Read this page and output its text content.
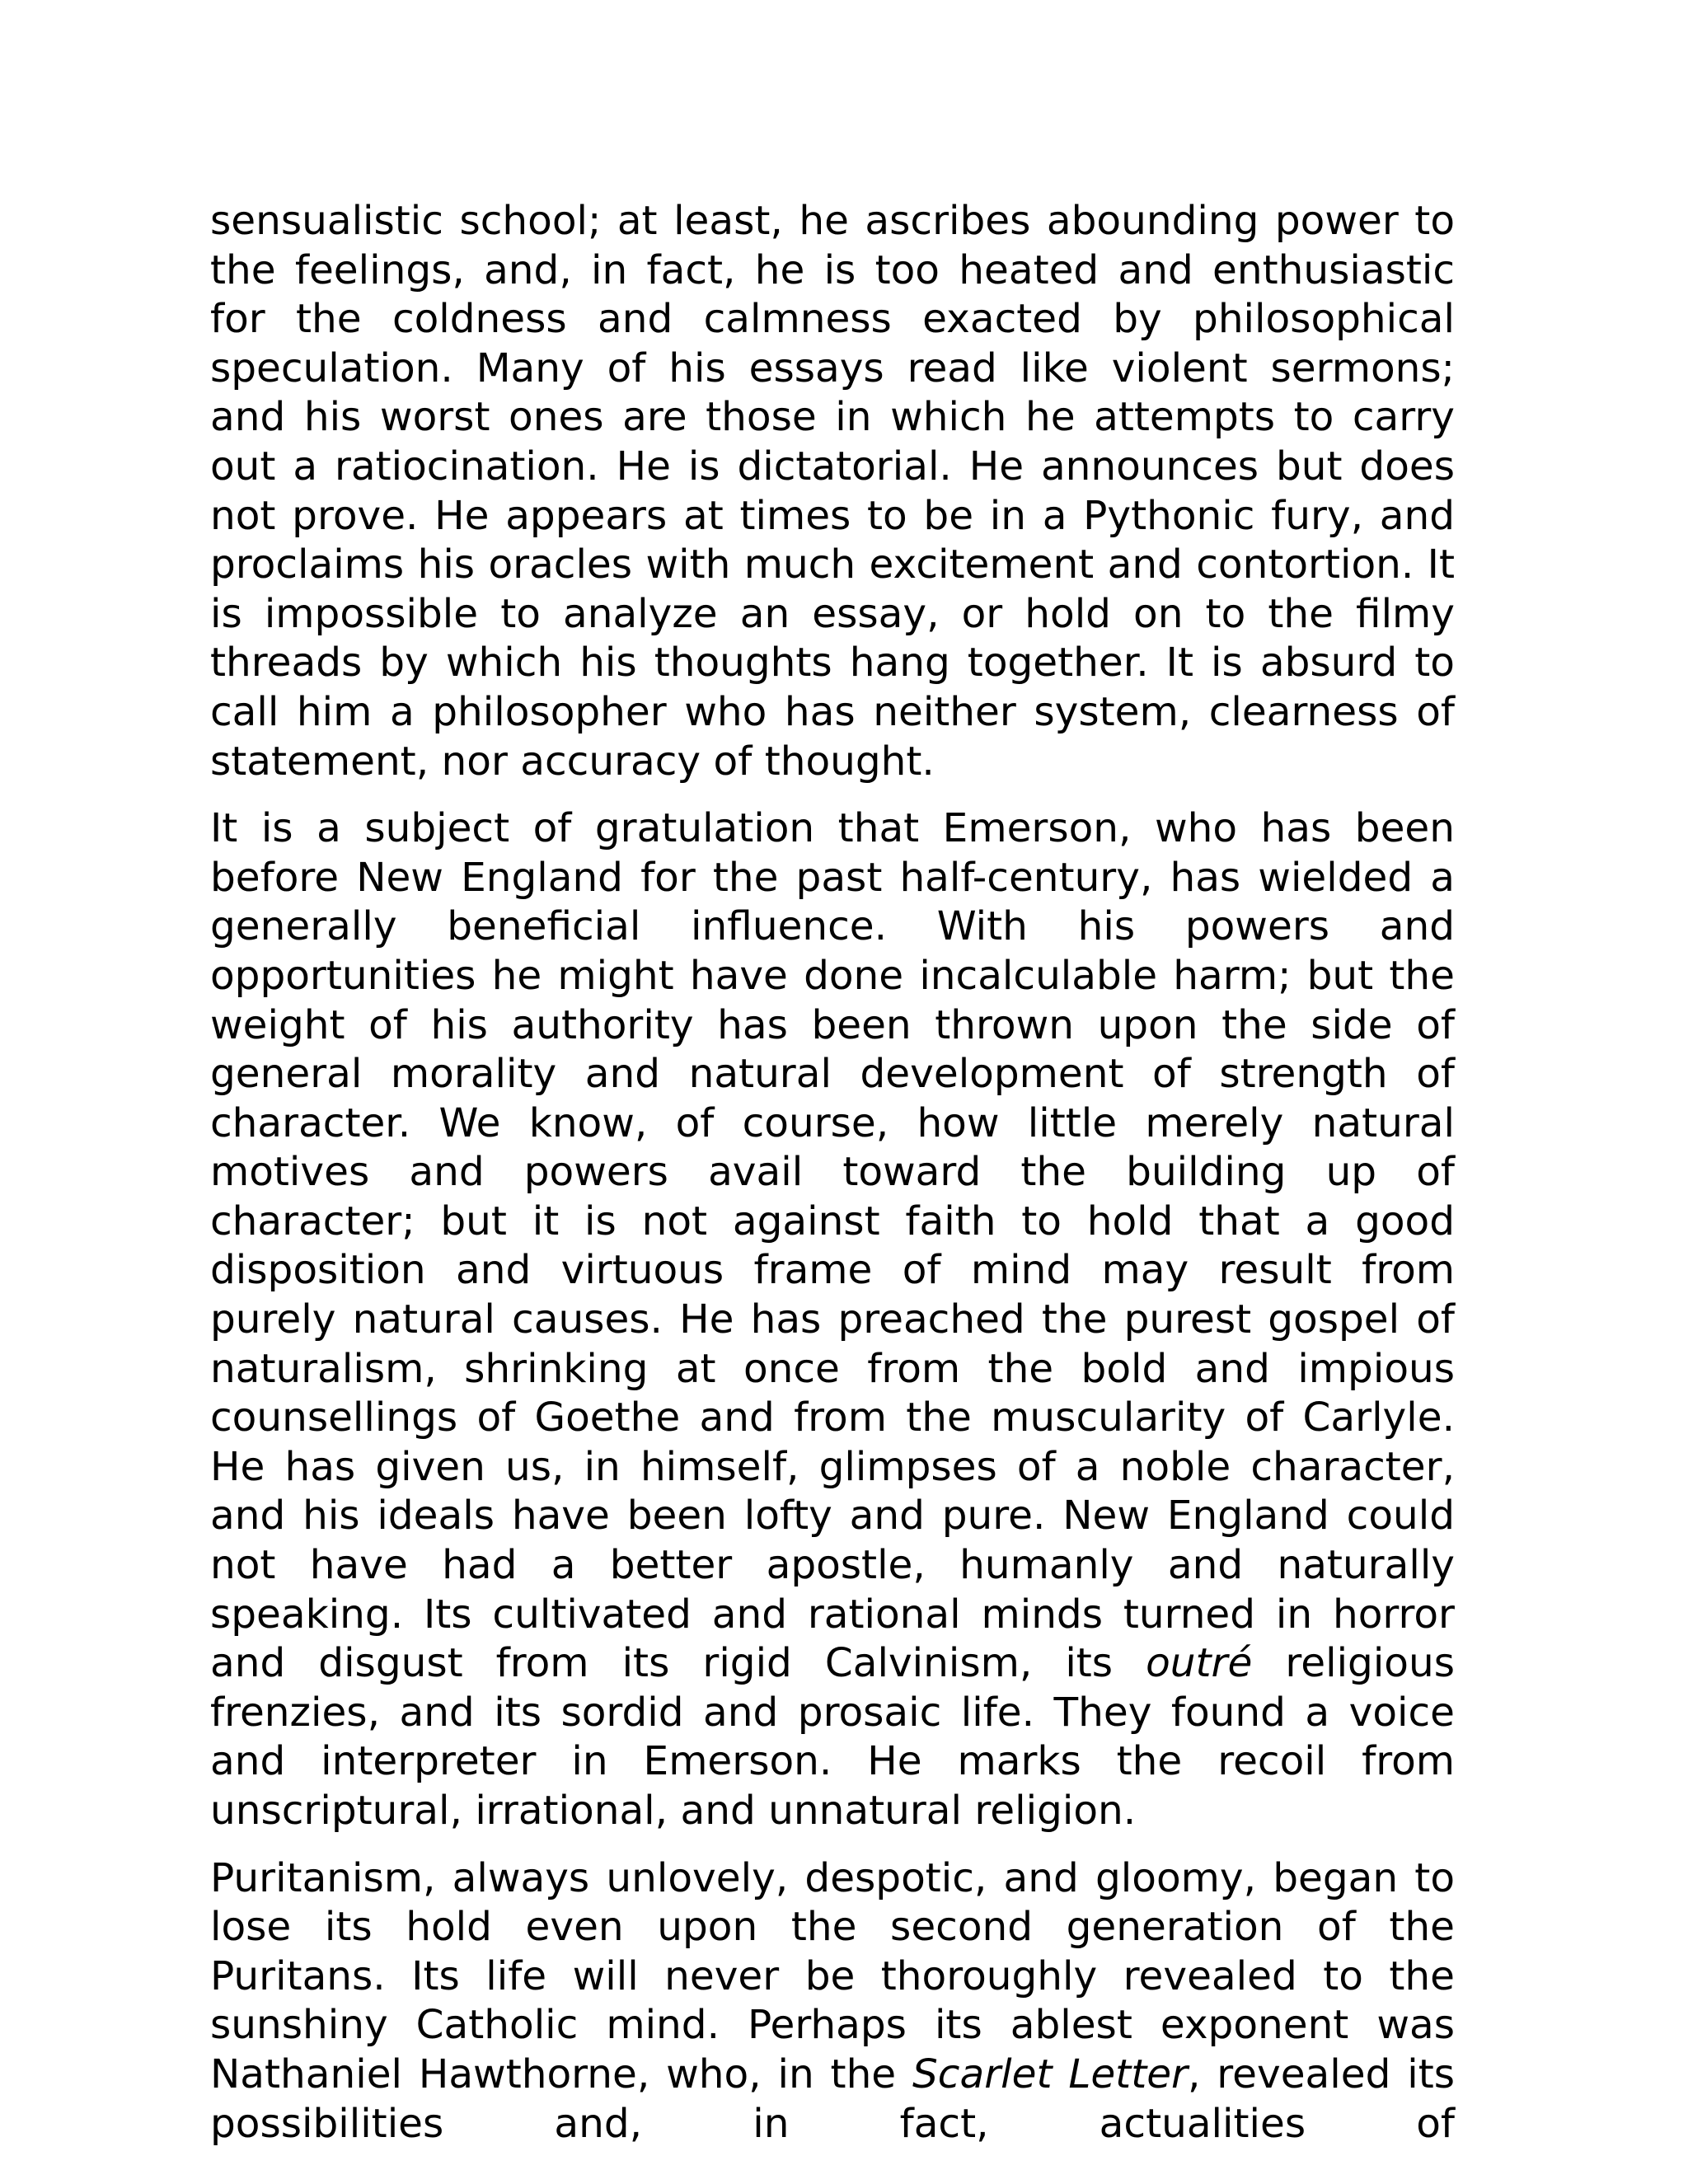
sensualistic school; at least, he ascribes abounding power to the feelings, and, in fact, he is too heated and enthusiastic for the coldness and calmness exacted by philosophical speculation. Many of his essays read like violent sermons; and his worst ones are those in which he attempts to carry out a ratiocination. He is dictatorial. He announces but does not prove. He appears at times to be in a Pythonic fury, and proclaims his oracles with much excitement and contortion. It is impossible to analyze an essay, or hold on to the filmy threads by which his thoughts hang together. It is absurd to call him a philosopher who has neither system, clearness of statement, nor accuracy of thought.

It is a subject of gratulation that Emerson, who has been before New England for the past half-century, has wielded a generally beneficial influence. With his powers and opportunities he might have done incalculable harm; but the weight of his authority has been thrown upon the side of general morality and natural development of strength of character. We know, of course, how little merely natural motives and powers avail toward the building up of character; but it is not against faith to hold that a good disposition and virtuous frame of mind may result from purely natural causes. He has preached the purest gospel of naturalism, shrinking at once from the bold and impious counsellings of Goethe and from the muscularity of Carlyle. He has given us, in himself, glimpses of a noble character, and his ideals have been lofty and pure. New England could not have had a better apostle, humanly and naturally speaking. Its cultivated and rational minds turned in horror and disgust from its rigid Calvinism, its outré religious frenzies, and its sordid and prosaic life. They found a voice and interpreter in Emerson. He marks the recoil from unscriptural, irrational, and unnatural religion.

Puritanism, always unlovely, despotic, and gloomy, began to lose its hold even upon the second generation of the Puritans. Its life will never be thoroughly revealed to the sunshiny Catholic mind. Perhaps its ablest exponent was Nathaniel Hawthorne, who, in the Scarlet Letter, revealed its possibilities and, in fact, actualities of
